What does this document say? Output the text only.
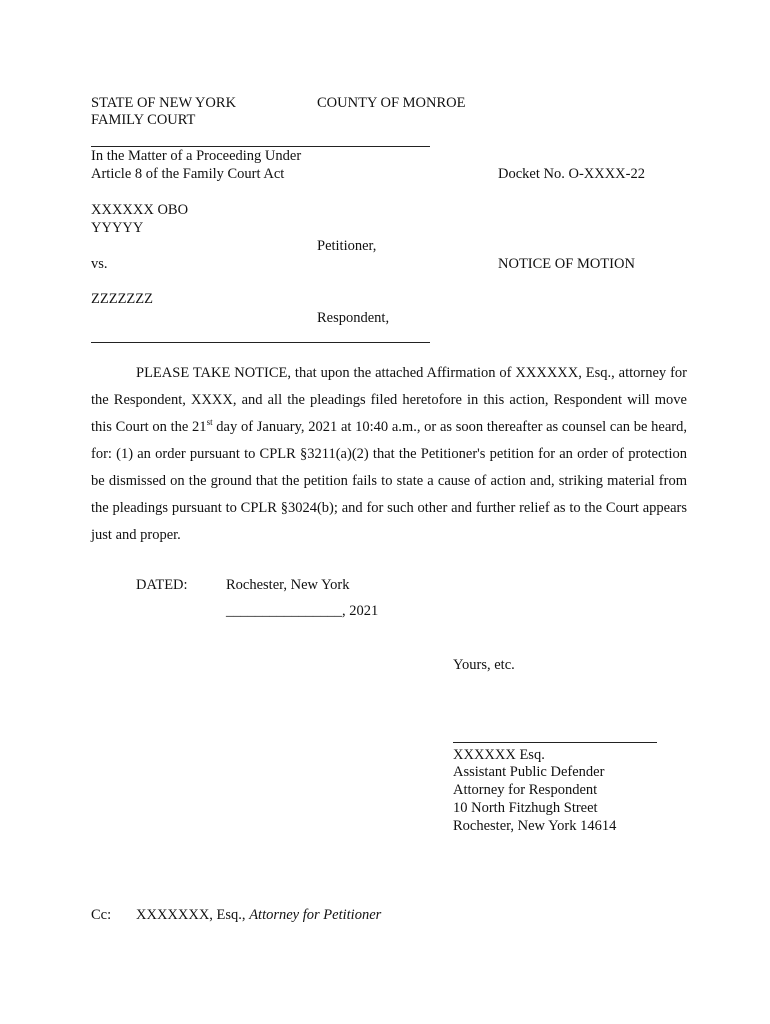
STATE OF NEW YORK	COUNTY OF MONROE
FAMILY COURT
In the Matter of a Proceeding Under
Article 8 of the Family Court Act	Docket No. O-XXXX-22
XXXXXX OBO
YYYYY
Petitioner,
vs.	NOTICE OF MOTION
ZZZZZZZ
Respondent,
PLEASE TAKE NOTICE, that upon the attached Affirmation of XXXXXX, Esq., attorney for the Respondent, XXXX, and all the pleadings filed heretofore in this action, Respondent will move this Court on the 21st day of January, 2021 at 10:40 a.m., or as soon thereafter as counsel can be heard, for: (1) an order pursuant to CPLR §3211(a)(2) that the Petitioner's petition for an order of protection be dismissed on the ground that the petition fails to state a cause of action and, striking material from the pleadings pursuant to CPLR §3024(b); and for such other and further relief as to the Court appears just and proper.
DATED:	Rochester, New York
________________, 2021
Yours, etc.
XXXXXX Esq.
Assistant Public Defender
Attorney for Respondent
10 North Fitzhugh Street
Rochester, New York 14614
Cc: XXXXXXX, Esq., Attorney for Petitioner
